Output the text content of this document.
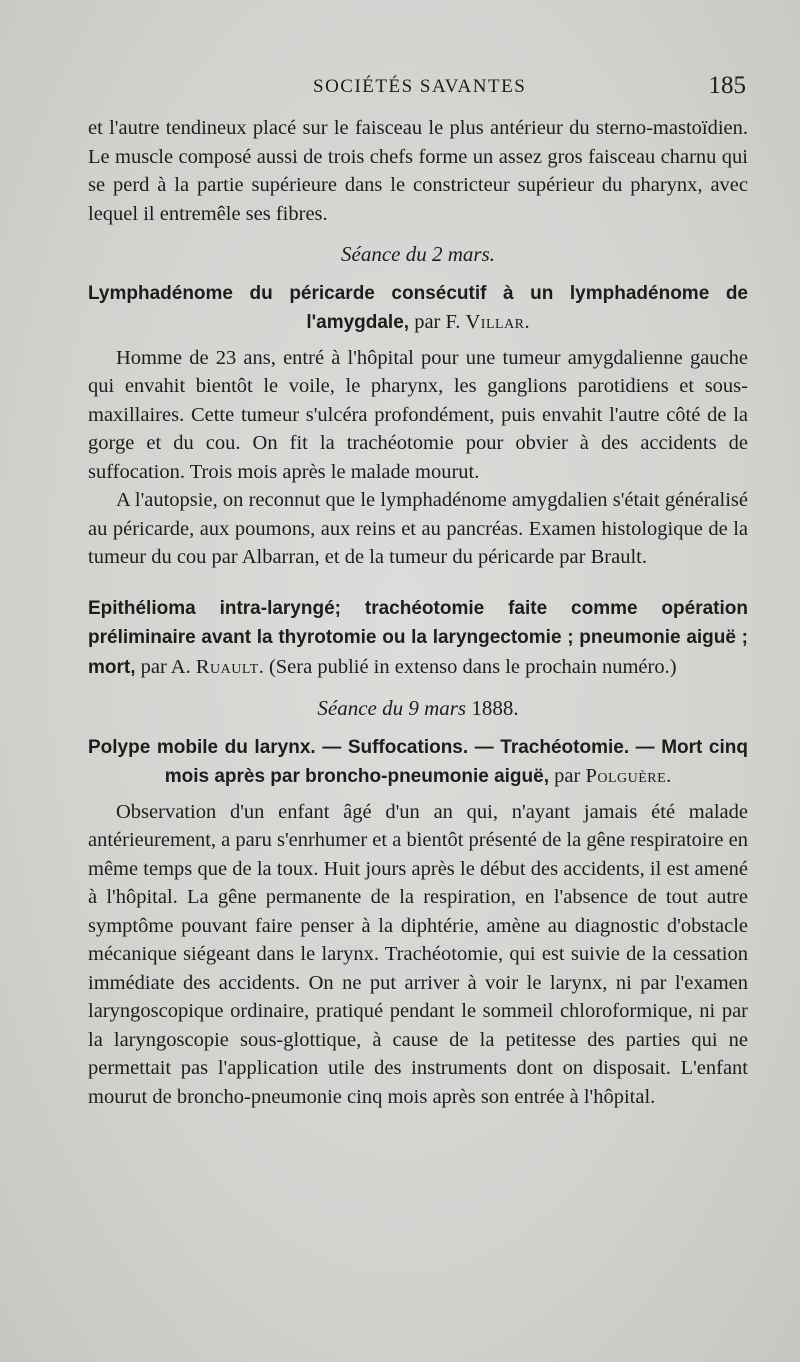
SOCIÉTÉS SAVANTES	185

et l'autre tendineux placé sur le faisceau le plus antérieur du sterno-mastoïdien. Le muscle composé aussi de trois chefs forme un assez gros faisceau charnu qui se perd à la partie supérieure dans le constricteur supérieur du pharynx, avec lequel il entremêle ses fibres.

Séance du 2 mars.

Lymphadénome du péricarde consécutif à un lymphadénome de l'amygdale, par F. Villar.

Homme de 23 ans, entré à l'hôpital pour une tumeur amygdalienne gauche qui envahit bientôt le voile, le pharynx, les ganglions parotidiens et sous-maxillaires. Cette tumeur s'ulcéra profondément, puis envahit l'autre côté de la gorge et du cou. On fit la trachéotomie pour obvier à des accidents de suffocation. Trois mois après le malade mourut.

A l'autopsie, on reconnut que le lymphadénome amygdalien s'était généralisé au péricarde, aux poumons, aux reins et au pancréas. Examen histologique de la tumeur du cou par Albarran, et de la tumeur du péricarde par Brault.

Epithélioma intra-laryngé; trachéotomie faite comme opération préliminaire avant la thyrotomie ou la laryngectomie ; pneumonie aiguë ; mort, par A. Ruault. (Sera publié in extenso dans le prochain numéro.)

Séance du 9 mars 1888.

Polype mobile du larynx. — Suffocations. — Trachéotomie. — Mort cinq mois après par broncho-pneumonie aiguë, par Polguère.

Observation d'un enfant âgé d'un an qui, n'ayant jamais été malade antérieurement, a paru s'enrhumer et a bientôt présenté de la gêne respiratoire en même temps que de la toux. Huit jours après le début des accidents, il est amené à l'hôpital. La gêne permanente de la respiration, en l'absence de tout autre symptôme pouvant faire penser à la diphtérie, amène au diagnostic d'obstacle mécanique siégeant dans le larynx. Trachéotomie, qui est suivie de la cessation immédiate des accidents. On ne put arriver à voir le larynx, ni par l'examen laryngoscopique ordinaire, pratiqué pendant le sommeil chloroformique, ni par la laryngoscopie sous-glottique, à cause de la petitesse des parties qui ne permettait pas l'application utile des instruments dont on disposait. L'enfant mourut de broncho-pneumonie cinq mois après son entrée à l'hôpital.
